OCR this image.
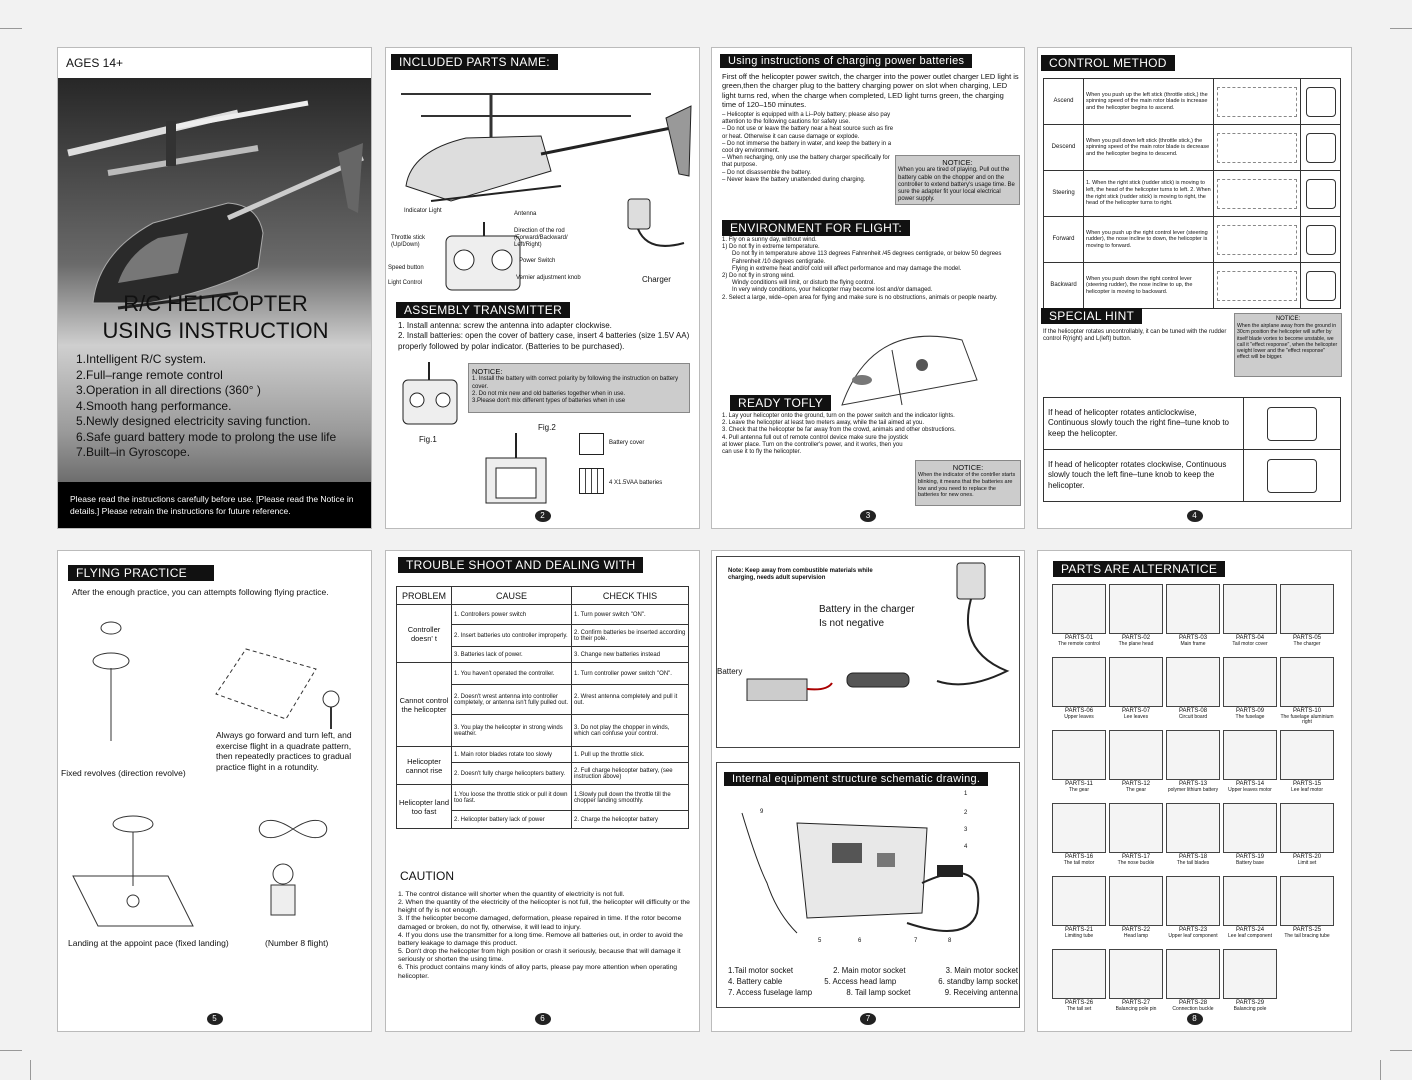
AGES 14+
R/C HELICOPTER
USING INSTRUCTION
1.Intelligent R/C system.
2.Full–range remote control
3.Operation in all directions (360° )
4.Smooth hang performance.
5.Newly designed electricity saving function.
6.Safe guard battery mode to prolong the use life
7.Built–in Gyroscope.
Please read the instructions carefully before use. [Please read the Notice in details.] Please retrain the instructions for future reference.
INCLUDED PARTS NAME:
Indicator Light	Antenna
Direction of the rod (Forward/Backward/ Left/Right)
Throttle stick (Up/Down)
Power Switch
Speed button
Vernier adjustment knob
Light Control	Charger
ASSEMBLY TRANSMITTER
1. Install antenna: screw the antenna into adapter clockwise.
2. Install batteries: open the cover of battery case, insert 4 batteries (size 1.5V AA) properly followed by polar indicator. (Batteries to be purchased).
NOTICE:
1. Install the battery with correct polarity by following the instruction on battery cover.
2. Do not mix new and old batteries together when in use.
3.Please don't mix different types of batteries when in use
Fig.1
Fig.2
Battery cover
4 X1.5VAA batteries
2
Using instructions of charging power batteries
First off the helicopter power switch, the charger into the power outlet charger LED light is green,then the charger plug to the battery charging power on slot when charging, LED light turns red, when the charge when completed, LED light turns green, the charging time of 120–150 minutes.
– Helicopter is equipped with a Li–Poly battery; please also pay attention to the following cautions for safety use.
– Do not use or leave the battery near a heat source such as fire or heat. Otherwise it can cause damage or explode.
– Do not immerse the battery in water, and keep the battery in a cool dry environment.
– When recharging, only use the battery charger specifically for that purpose.
– Do not disassemble the battery.
– Never leave the battery unattended during charging.
NOTICE:
When you are tired of playing, Pull out the battery cable on the chopper and on the controller to extend battery's usage time. Be sure the adapter fit your local electrical power supply.
ENVIRONMENT FOR FLIGHT:
1. Fly on a sunny day, without wind.
1) Do not fly in extreme temperature.
Do not fly in temperature above 113 degrees Fahrenheit /45 degrees centigrade, or below 50 degrees Fahrenheit /10 degrees centigrade.
Flying in extreme heat and/of cold will affect performance and may damage the model.
2) Do not fly in strong wind.
Windy conditions will limit, or disturb the flying control.
In very windy conditions, your helicopter may become lost and/or damaged.
2. Select a large, wide–open area for flying and make sure is no obstructions, animals or people nearby.
READY TOFLY
1. Lay your helicopter onto the ground, turn on the power switch and the indicator lights.
2. Leave the helicopter at least two meters away, while the tail aimed at you.
3. Check that the helicopter be far away from the crowd, animals and other obstructions.
4. Pull antenna full out of remote control device make sure the joystick at lower place. Turn on the controller's power, and it works, then you can use it to fly the helicopter.
NOTICE:
When the indicator of the contrller starts blinking, it means that the batteries are low and you need to replace the batteries for new ones.
3
CONTROL METHOD
Ascend	When you push up the left stick (throttle stick,) the spinning speed of the main rotor blade is increase and the helicopter begins to ascend.	

Descend	When you pull down left stick (throttle stick,) the spinning speed of the main rotor blade is decrease and the helicopter begins to descend.	

Steering	1. When the right stick (rudder stick) is moving to left, the head of the helicopter turns to left. 2. When the right stick (rudder stick) is moving to right, the head of the helicopter turns to right.	

Forward	When you push up the right control lever (steering rudder), the nose incline to down, the helicopter is moving to forward.	

Backward	When you push down the right control lever (steering rudder), the nose incline to up, the helicopter is moving to backward.	

SPECIAL HINT
If the helicopter rotates uncontrollably, it can be tuned with the rudder control R(right) and L(left) button.
NOTICE:
When the airplane away from the ground in 30cm position the helicopter will suffer by itself blade vortex to become unstable, we call it "effect response", when the helicopter weight lower and the "effect response" effect will be bigger.
If head of helicopter rotates anticlockwise, Continuous slowly touch the right fine–tune knob to keep the helicopter.	

If head of helicopter rotates clockwise, Continuous slowly touch the left fine–tune knob to keep the helicopter.	
4
FLYING PRACTICE
After the enough practice, you can attempts following flying practice.
Always go forward and turn left, and exercise flight in a quadrate pattern, then repeatedly practices to gradual practice flight in a rotundity.
Fixed revolves (direction revolve)
Landing at the appoint pace (fixed landing)	(Number 8 flight)
5
TROUBLE SHOOT AND DEALING WITH
PROBLEM	CAUSE	CHECK THIS
Controller doesn' t	1. Controllers power switch	1. Turn power switch "ON".
	2. Insert batteries uto controller improperly.	2. Confirm batteries be inserted according to their pole.
	3. Batteries lack of power.	3. Change new batteries instead
Cannot control the helicopter	1. You haven't operated the controller.	1. Turn controller power switch "ON".
	2. Doesn't wrest antenna into controller completely, or antenna isn't fully pulled out.	2. Wrest antenna completely and pull it out.
	3. You play the helicopter in strong winds weather.	3. Do not play the chopper in winds, which can confuse your control.
Helicopter cannot rise	1. Main rotor blades rotate too slowly	1. Pull up the throttle stick.
	2. Doesn't fully charge helicopters battery.	2. Full charge helicopter battery, (see instruction above)
Helicopter land too fast	1.You loose the throttle stick or pull it down too fast.	1.Slowly pull down the throttle till the chopper landing smoothly.
	2. Helicopter battery lack of power	2. Charge the helicopter battery
CAUTION
1. The control distance will shorter when the quantity of electricity is not full.
2. When the quantity of the electricity of the helicopter is not full, the helicopter will difficulty or the height of fly is not enough.
3. If the helicopter become damaged, deformation, please repaired in time. If the rotor become damaged or broken, do not fly, otherwise, it will lead to injury.
4. If you dons use the transmitter for a long time. Remove all batteries out, in order to avoid the battery leakage to damage this product.
5. Don't drop the helicopter from high position or crash it seriously, because that will damage it seriously or shorten the using time.
6. This product contains many kinds of alloy parts, please pay more attention when operating helicopter.
6
Note: Keep away from combustible materials while charging, needs adult supervision
Battery in the charger
Is not negative
Battery
Internal equipment structure schematic drawing.
1
2
3
4
5	6	7	8
9
1.Tail motor socket	2. Main motor socket	3. Main motor socket
4. Battery cable	5. Access head lamp	6. standby lamp socket
7. Access fuselage lamp	8. Tail lamp socket	9. Receiving antenna
7
PARTS ARE ALTERNATICE
PARTS-01
The remote control
PARTS-02
The plane head
PARTS-03
Main frame
PARTS-04
Tail motor cover
PARTS-05
The charger
PARTS-06
Upper leaves
PARTS-07
Lee leaves
PARTS-08
Circuit board
PARTS-09
The fuselage
PARTS-10
The fuselage aluminium right
PARTS-11
The gear
PARTS-12
The gear
PARTS-13
polymer lithium battery
PARTS-14
Upper leaves motor
PARTS-15
Lee leaf motor
PARTS-16
The tail motor
PARTS-17
The nose buckle
PARTS-18
The tail blades
PARTS-19
Battery base
PARTS-20
Limit set
PARTS-21
Limiting tube
PARTS-22
Head lamp
PARTS-23
Upper leaf component
PARTS-24
Lee leaf component
PARTS-25
The tail bracing tube
PARTS-26
The tail set
PARTS-27
Balancing pole pin
PARTS-28
Connection buckle
PARTS-29
Balancing pole
8
